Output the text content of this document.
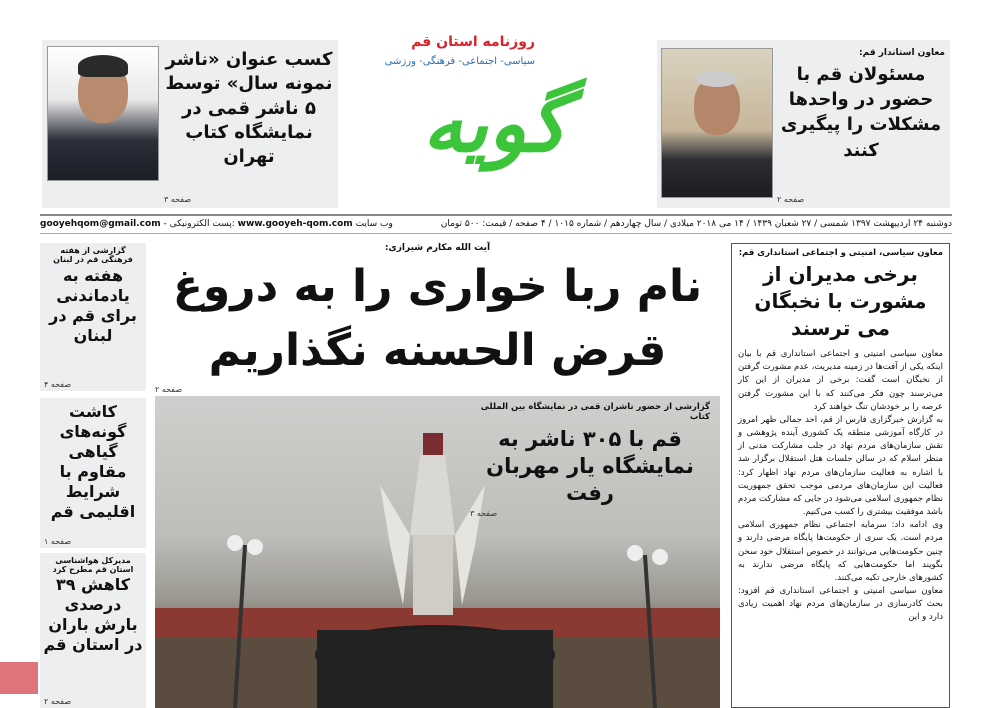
کسب عنوان «ناشر نمونه سال» توسط ۵ ناشر قمی در نمایشگاه کتاب تهران
صفحه ۳
روزنامه استان قم
سیاسی- اجتماعی- فرهنگی- ورزشی
گویه
معاون استاندار قم:
مسئولان قم با حضور در واحدها مشکلات را پیگیری کنند
صفحه ۲
دوشنبه ۲۴ اردیبهشت ۱۳۹۷ شمسی / ۲۷ شعبان ۱۴۳۹ / ۱۴ می ۲۰۱۸ میلادی / سال چهاردهم / شماره ۱۰۱۵ / ۴ صفحه / قیمت: ۵۰۰ تومان
gooyehqom@gmail.com - پست الکترونیکی: www.gooyeh-qom.com وب سایت
گزارشی از هفته فرهنگی قم در لبنان
هفته به یادماندنی برای قم در لبنان
صفحه ۴
کاشت گونه‌های گیاهی مقاوم با شرایط اقلیمی قم
صفحه ۱
مدیرکل هواشناسی استان قم مطرح کرد
کاهش ۳۹ درصدی بارش باران در استان قم
صفحه ۲
آیت الله مکارم شیرازی:
نام ربا خواری را به دروغ قرض الحسنه نگذاریم
صفحه ۲
گزارشی از حضور ناشران قمی در نمایشگاه بین المللی کتاب
قم با ۳۰۵ ناشر به نمایشگاه یار مهربان رفت
صفحه ۳
معاون سیاسی، امنیتی و اجتماعی استانداری قم:
برخی مدیران از مشورت با نخبگان می ترسند

معاون سیاسی امنیتی و اجتماعی استانداری قم با بیان اینکه یکی از آفت‌ها در زمینه مدیریت، عدم مشورت گرفتن از نخبگان است گفت: برخی از مدیران از این کار می‌ترسند چون فکر می‌کنند که با این مشورت گرفتن عرصه را بر خودشان تنگ خواهند کرد

به گزارش خبرگزاری فارس از قم، احد جمالی ظهر امروز در کارگاه آموزشی منطقه یک کشوری آینده پژوهشی و نقش سازمان‌های مردم نهاد در جلب مشارکت مدنی از منظر اسلام که در سالن جلسات هتل استقلال برگزار شد با اشاره به فعالیت سازمان‌های مردم نهاد اظهار کرد: فعالیت این سازمان‌های مردمی موجب تحقق جمهوریت نظام جمهوری اسلامی می‌شود در جایی که مشارکت مردم باشد موفقیت بیشتری را کسب می‌کنیم.

وی ادامه داد: سرمایه اجتماعی نظام جمهوری اسلامی مردم است. یک سری از حکومت‌ها پایگاه مرضی دارند و چنین حکومت‌هایی می‌توانند در خصوص استقلال خود سخن بگویند اما حکومت‌هایی که پایگاه مرضی ندارند به کشورهای خارجی تکیه می‌کنند.

معاون سیاسی امنیتی و اجتماعی استانداری قم افزود: بحث کادرسازی در سازمان‌های مردم نهاد اهمیت زیادی دارد و این
